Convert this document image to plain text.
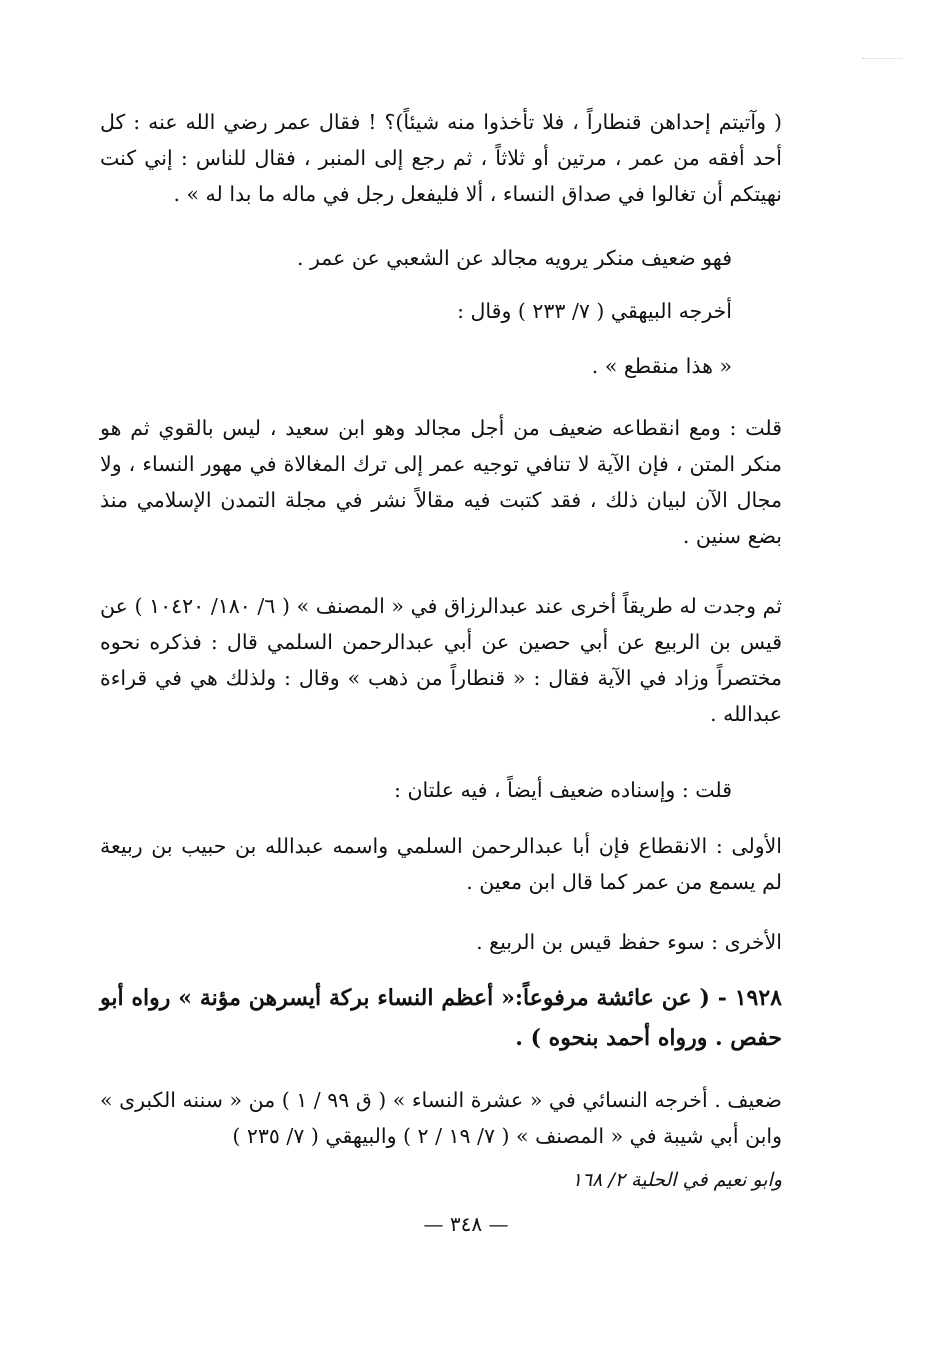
( وآتيتم إحداهن قنطاراً ، فلا تأخذوا منه شيئاً)؟ ! فقال عمر رضي الله عنه : كل أحد أفقه من عمر ، مرتين أو ثلاثاً ، ثم رجع إلى المنبر ، فقال للناس : إني كنت نهيتكم أن تغالوا في صداق النساء ، ألا فليفعل رجل في ماله ما بدا له » .

فهو ضعيف منكر يرويه مجالد عن الشعبي عن عمر .

أخرجه البيهقي ( ٧/ ٢٣٣ ) وقال :

« هذا منقطع » .

قلت : ومع انقطاعه ضعيف من أجل مجالد وهو ابن سعيد ، ليس بالقوي ثم هو منكر المتن ، فإن الآية لا تنافي توجيه عمر إلى ترك المغالاة في مهور النساء ، ولا مجال الآن لبيان ذلك ، فقد كتبت فيه مقالاً نشر في مجلة التمدن الإسلامي منذ بضع سنين .

ثم وجدت له طريقاً أخرى عند عبدالرزاق في « المصنف » ( ٦/ ١٨٠/ ١٠٤٢٠ ) عن قيس بن الربيع عن أبي حصين عن أبي عبدالرحمن السلمي قال : فذكره نحوه مختصراً وزاد في الآية فقال : « قنطاراً من ذهب » وقال : ولذلك هي في قراءة عبدالله .

قلت : وإسناده ضعيف أيضاً ، فيه علتان :

الأولى : الانقطاع فإن أبا عبدالرحمن السلمي واسمه عبدالله بن حبيب بن ربيعة لم يسمع من عمر كما قال ابن معين .

الأخرى : سوء حفظ قيس بن الربيع .

١٩٢٨ - ( عن عائشة مرفوعاً:« أعظم النساء بركة أيسرهن مؤنة » رواه أبو حفص . ورواه أحمد بنحوه ) .

ضعيف . أخرجه النسائي في « عشرة النساء » ( ق ٩٩ / ١ ) من « سننه الكبرى » وابن أبي شيبة في « المصنف » ( ٧/ ١٩ / ٢ ) والبيهقي ( ٧/ ٢٣٥ )

وابو نعيم في الحلية ٢/ ١٦٨

— ٣٤٨ —
